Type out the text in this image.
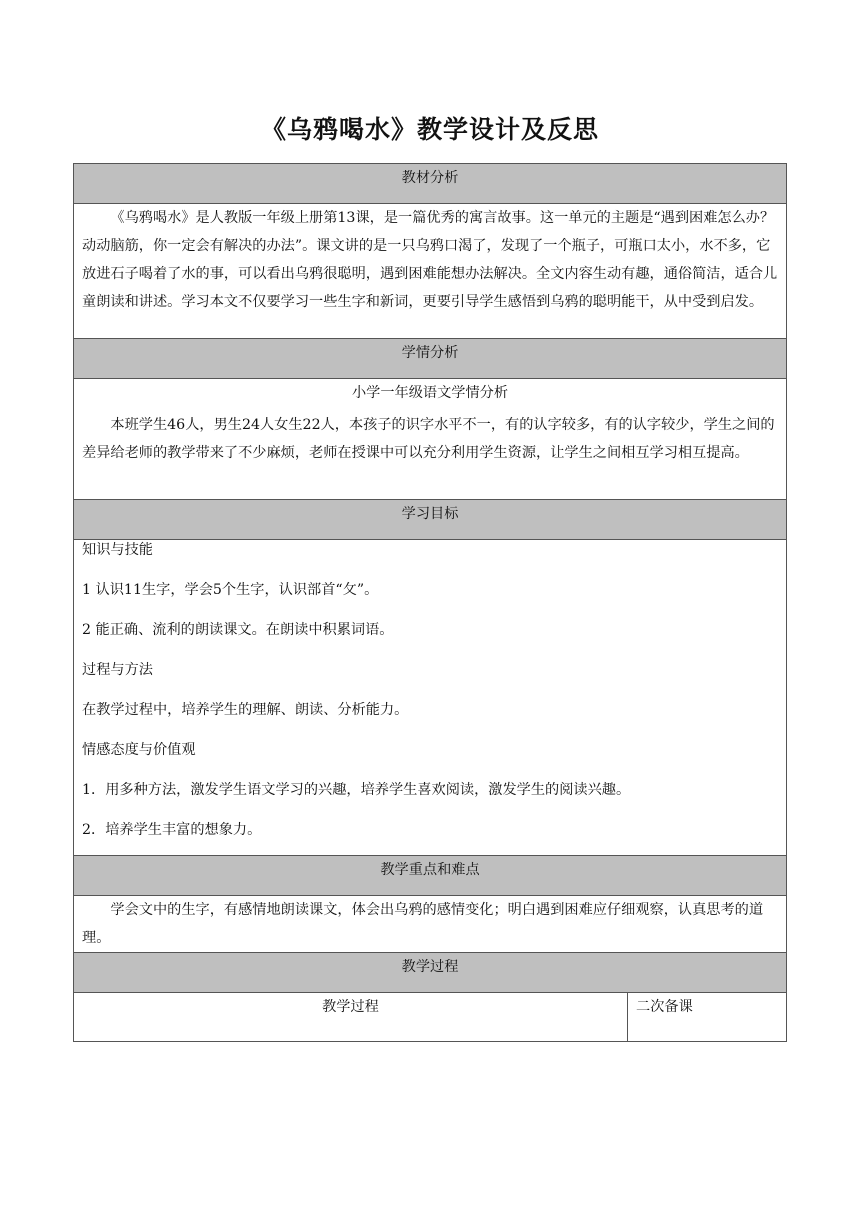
《乌鸦喝水》教学设计及反思
教材分析

《乌鸦喝水》是人教版一年级上册第13课，是一篇优秀的寓言故事。这一单元的主题是“遇到困难怎么办？动动脑筋，你一定会有解决的办法”。课文讲的是一只乌鸦口渴了，发现了一个瓶子，可瓶口太小，水不多，它放进石子喝着了水的事，可以看出乌鸦很聪明，遇到困难能想办法解决。全文内容生动有趣，通俗简洁，适合儿童朗读和讲述。学习本文不仅要学习一些生字和新词，更要引导学生感悟到乌鸦的聪明能干，从中受到启发。

学情分析

小学一年级语文学情分析

本班学生46人，男生24人女生22人，本孩子的识字水平不一，有的认字较多，有的认字较少，学生之间的差异给老师的教学带来了不少麻烦，老师在授课中可以充分利用学生资源，让学生之间相互学习相互提高。

学习目标

知识与技能
1 认识11生字，学会5个生字，认识部首“攵”。
2 能正确、流利的朗读课文。在朗读中积累词语。
过程与方法
在教学过程中，培养学生的理解、朗读、分析能力。
情感态度与价值观
1．用多种方法，激发学生语文学习的兴趣，培养学生喜欢阅读，激发学生的阅读兴趣。
2．培养学生丰富的想象力。

教学重点和难点

学会文中的生字，有感情地朗读课文，体会出乌鸦的感情变化；明白遇到困难应仔细观察，认真思考的道理。

教学过程
教学过程	二次备课
